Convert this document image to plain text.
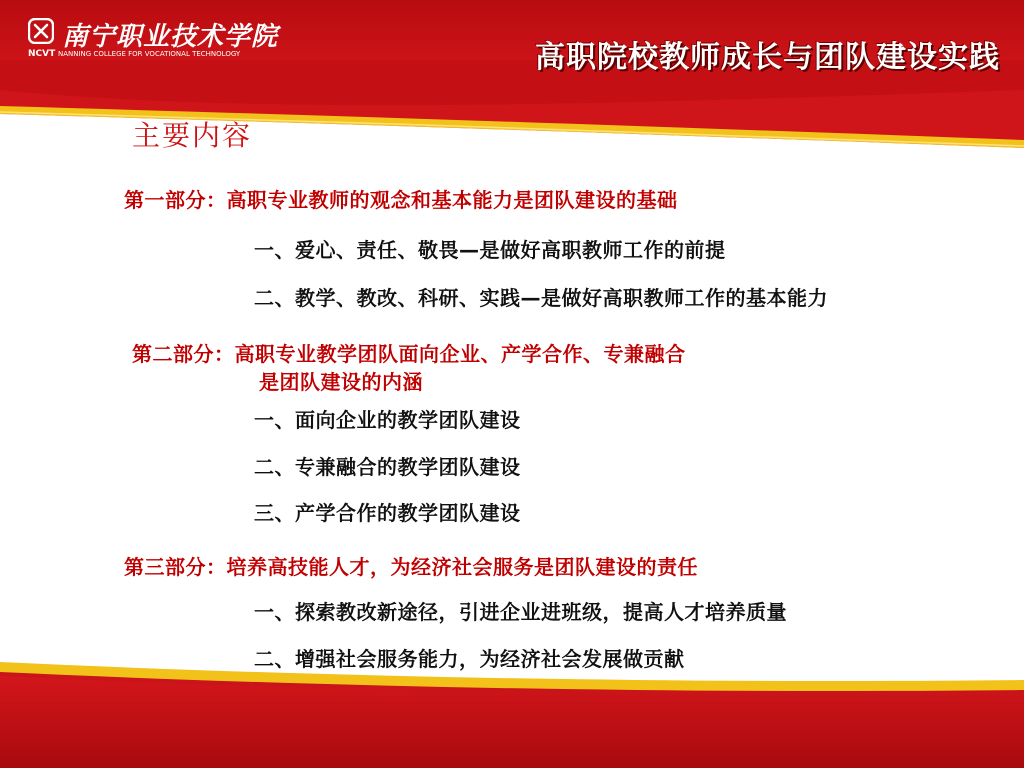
南宁职业技术学院
NCVT NANNING COLLEGE FOR VOCATIONAL TECHNOLOGY	高职院校教师成长与团队建设实践
主要内容
第一部分：高职专业教师的观念和基本能力是团队建设的基础
一、爱心、责任、敬畏—是做好高职教师工作的前提
二、教学、教改、科研、实践—是做好高职教师工作的基本能力
第二部分：高职专业教学团队面向企业、产学合作、专兼融合
是团队建设的内涵
一、面向企业的教学团队建设
二、专兼融合的教学团队建设
三、产学合作的教学团队建设
第三部分：培养高技能人才，为经济社会服务是团队建设的责任
一、探索教改新途径，引进企业进班级，提高人才培养质量
二、增强社会服务能力，为经济社会发展做贡献
